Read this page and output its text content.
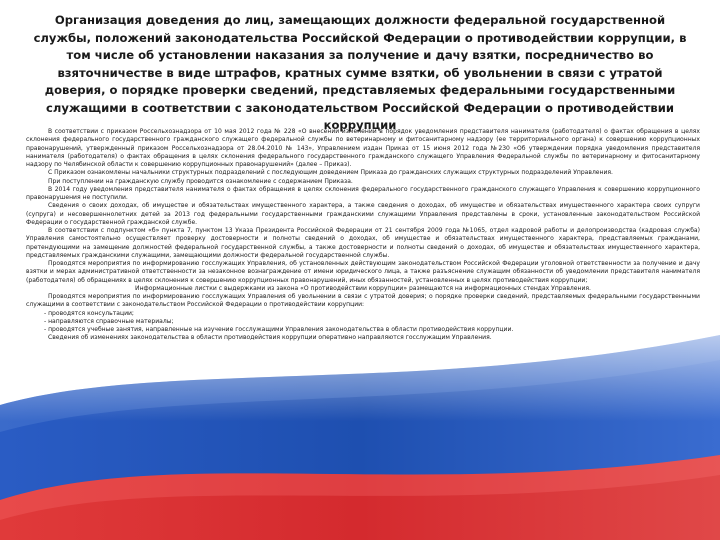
Организация доведения до лиц, замещающих должности федеральной государственной службы, положений законодательства Российской Федерации о противодействии коррупции, в том числе об установлении наказания за получение и дачу взятки, посредничество во взяточничестве в виде штрафов, кратных сумме взятки, об увольнении в связи с утратой доверия, о порядке проверки сведений, представляемых федеральными государственными служащими в соответствии с законодательством Российской Федерации о противодействии коррупции

В соответствии с приказом Россельхознадзора от 10 мая 2012 года № 228 «О внесении изменений в порядок уведомления представителя нанимателя (работодателя) о фактах обращения в целях склонения федерального государственного гражданского служащего федеральной службы по ветеринарному и фитосанитарному надзору (ее территориального органа) к совершению коррупционных правонарушений, утвержденный приказом Россельхознадзора от 28.04.2010 № 143», Управлением издан Приказ от 15 июня 2012 года №230 «Об утверждении порядка уведомления представителя нанимателя (работодателя) о фактах обращения в целях склонения федерального государственного гражданского служащего Управления Федеральной службы по ветеринарному и фитосанитарному надзору по Челябинской области к совершению коррупционных правонарушений» (далее – Приказ).

С Приказом ознакомлены начальники структурных подразделений с последующим доведением Приказа до гражданских служащих структурных подразделений Управления.

При поступлении на гражданскую службу проводится ознакомление с содержанием Приказа.

В 2014 году уведомления представителя нанимателя о фактах обращения в целях склонения федерального государственного гражданского служащего Управления к совершению коррупционного правонарушения не поступили.

Сведения о своих доходах, об имуществе и обязательствах имущественного характера, а также сведения о доходах, об имуществе и обязательствах имущественного характера своих супруги (супруга) и несовершеннолетних детей за 2013 год федеральными государственными гражданскими служащими Управления представлены в сроки, установленные законодательством Российской Федерации о государственной гражданской службе.

В соответствии с подпунктом «б» пункта 7, пунктом 13 Указа Президента Российской Федерации от 21 сентября 2009 года №1065, отдел кадровой работы и делопроизводства (кадровая служба) Управления самостоятельно осуществляет проверку достоверности и полноты сведений о доходах, об имуществе и обязательствах имущественного характера, представляемых гражданами, претендующими на замещение должностей федеральной государственной службы, а также достоверности и полноты сведений о доходах, об имуществе и обязательствах имущественного характера, представляемых гражданскими служащими, замещающими должности федеральной государственной службы.

Проводятся мероприятия по информированию госслужащих Управления, об установленных действующим законодательством Российской Федерации уголовной ответственности за получение и дачу взятки и мерах административной ответственности за незаконное вознаграждение от имени юридического лица, а также разъяснение служащим обязанности об уведомлении представителя нанимателя (работодателя) об обращениях в целях склонения к совершению коррупционных правонарушений, иных обязанностей, установленных в целях противодействия коррупции;

Информационные листки с выдержками из закона «О противодействии коррупции» размещаются на информационных стендах Управления.

Проводятся мероприятия по информированию госслужащих Управления об увольнении в связи с утратой доверия; о порядке проверки сведений, представляемых федеральными государственными служащими в соответствии с законодательством Российской Федерации о противодействии коррупции:

- проводятся консультации;

- направляются справочные материалы;

- проводятся учебные занятия, направленные на изучение госслужащими Управления законодательства в области противодействия коррупции.

Сведения об изменениях законодательства в области противодействия коррупции оперативно направляются госслужащим Управления.
